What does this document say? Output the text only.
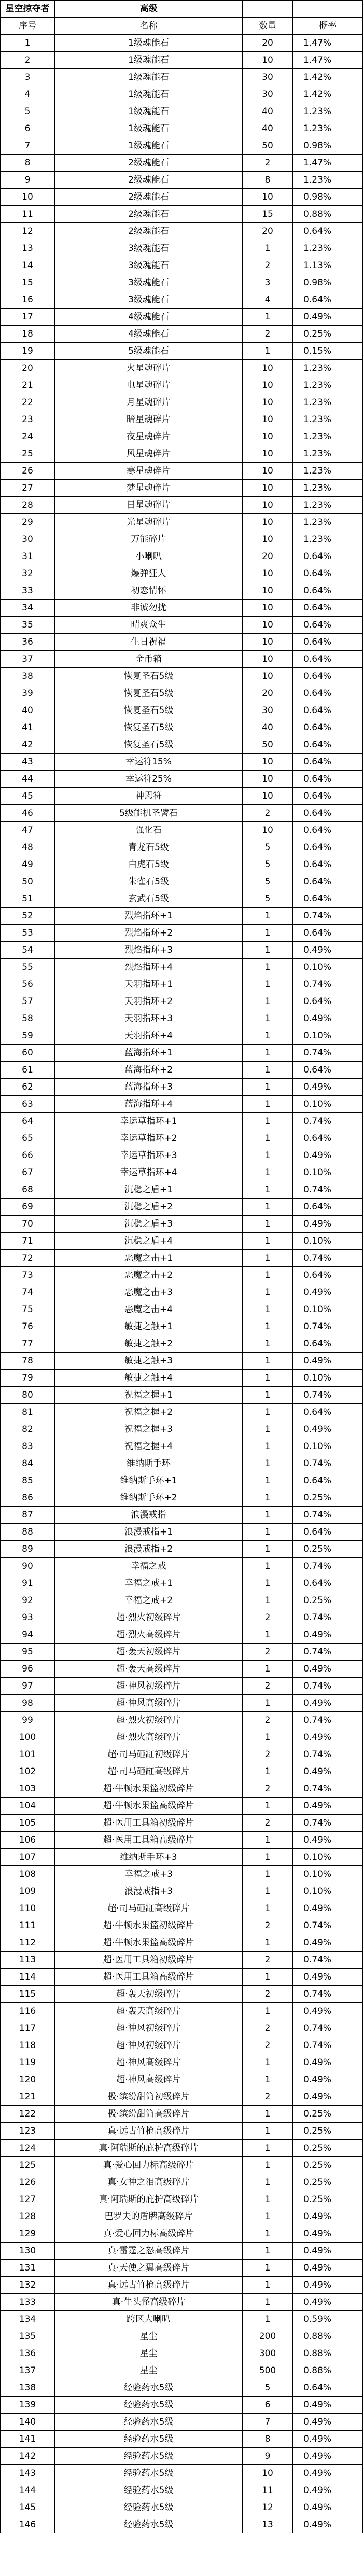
星空掠夺者	高级		
序号	名称	数量	概率
1	1级魂能石	20	1.47%
2	1级魂能石	10	1.47%
3	1级魂能石	30	1.42%
4	1级魂能石	30	1.42%
5	1级魂能石	40	1.23%
6	1级魂能石	40	1.23%
7	1级魂能石	50	0.98%
8	2级魂能石	2	1.47%
9	2级魂能石	8	1.23%
10	2级魂能石	10	0.98%
11	2级魂能石	15	0.88%
12	2级魂能石	20	0.64%
13	3级魂能石	1	1.23%
14	3级魂能石	2	1.13%
15	3级魂能石	3	0.98%
16	3级魂能石	4	0.64%
17	4级魂能石	1	0.49%
18	4级魂能石	2	0.25%
19	5级魂能石	1	0.15%
20	火星魂碎片	10	1.23%
21	电星魂碎片	10	1.23%
22	月星魂碎片	10	1.23%
23	暗星魂碎片	10	1.23%
24	夜星魂碎片	10	1.23%
25	风星魂碎片	10	1.23%
26	寒星魂碎片	10	1.23%
27	梦星魂碎片	10	1.23%
28	日星魂碎片	10	1.23%
29	光星魂碎片	10	1.23%
30	万能碎片	10	1.23%
31	小喇叭	20	0.64%
32	爆弹狂人	10	0.64%
33	初恋情怀	10	0.64%
34	非诚勿扰	10	0.64%
35	晴爽众生	10	0.64%
36	生日祝福	10	0.64%
37	金币箱	10	0.64%
38	恢复圣石5级	10	0.64%
39	恢复圣石5级	20	0.64%
40	恢复圣石5级	30	0.64%
41	恢复圣石5级	40	0.64%
42	恢复圣石5级	50	0.64%
43	幸运符15%	10	0.64%
44	幸运符25%	10	0.64%
45	神恩符	10	0.64%
46	5级能机圣譬石	2	0.64%
47	强化石	10	0.64%
48	青龙石5级	5	0.64%
49	白虎石5级	5	0.64%
50	朱雀石5级	5	0.64%
51	玄武石5级	5	0.64%
52	烈焰指环+1	1	0.74%
53	烈焰指环+2	1	0.64%
54	烈焰指环+3	1	0.49%
55	烈焰指环+4	1	0.10%
56	天羽指环+1	1	0.74%
57	天羽指环+2	1	0.64%
58	天羽指环+3	1	0.49%
59	天羽指环+4	1	0.10%
60	蓝海指环+1	1	0.74%
61	蓝海指环+2	1	0.64%
62	蓝海指环+3	1	0.49%
63	蓝海指环+4	1	0.10%
64	幸运草指环+1	1	0.74%
65	幸运草指环+2	1	0.64%
66	幸运草指环+3	1	0.49%
67	幸运草指环+4	1	0.10%
68	沉稳之盾+1	1	0.74%
69	沉稳之盾+2	1	0.64%
70	沉稳之盾+3	1	0.49%
71	沉稳之盾+4	1	0.10%
72	恶魔之击+1	1	0.74%
73	恶魔之击+2	1	0.64%
74	恶魔之击+3	1	0.49%
75	恶魔之击+4	1	0.10%
76	敏捷之触+1	1	0.74%
77	敏捷之触+2	1	0.64%
78	敏捷之触+3	1	0.49%
79	敏捷之触+4	1	0.10%
80	祝福之握+1	1	0.74%
81	祝福之握+2	1	0.64%
82	祝福之握+3	1	0.49%
83	祝福之握+4	1	0.10%
84	维纳斯手环	1	0.74%
85	维纳斯手环+1	1	0.64%
86	维纳斯手环+2	1	0.25%
87	浪漫戒指	1	0.74%
88	浪漫戒指+1	1	0.64%
89	浪漫戒指+2	1	0.25%
90	幸福之戒	1	0.74%
91	幸福之戒+1	1	0.64%
92	幸福之戒+2	1	0.25%
93	超·烈火初级碎片	2	0.74%
94	超·烈火高级碎片	1	0.49%
95	超·轰天初级碎片	2	0.74%
96	超·轰天高级碎片	1	0.49%
97	超·神风初级碎片	2	0.74%
98	超·神风高级碎片	1	0.49%
99	超·烈火初级碎片	2	0.74%
100	超·烈火高级碎片	1	0.49%
101	超·司马砸缸初级碎片	2	0.74%
102	超·司马砸缸高级碎片	1	0.49%
103	超·牛顿水果篮初级碎片	2	0.74%
104	超·牛顿水果篮高级碎片	1	0.49%
105	超·医用工具箱初级碎片	2	0.74%
106	超·医用工具箱高级碎片	1	0.49%
107	维纳斯手环+3	1	0.10%
108	幸福之戒+3	1	0.10%
109	浪漫戒指+3	1	0.10%
110	超·司马砸缸高级碎片	1	0.49%
111	超·牛顿水果篮初级碎片	2	0.74%
112	超·牛顿水果篮高级碎片	1	0.49%
113	超·医用工具箱初级碎片	2	0.74%
114	超·医用工具箱高级碎片	1	0.49%
115	超·轰天初级碎片	2	0.74%
116	超·轰天高级碎片	1	0.49%
117	超·神风初级碎片	2	0.74%
118	超·神风初级碎片	2	0.74%
119	超·神风高级碎片	1	0.49%
120	超·神风高级碎片	1	0.49%
121	极·缤纷甜筒初级碎片	2	0.49%
122	极·缤纷甜筒高级碎片	1	0.25%
123	真·远古竹枪高级碎片	1	0.25%
124	真·阿瑞斯的庇护高级碎片	1	0.25%
125	真·爱心回力标高级碎片	1	0.25%
126	真·女神之泪高级碎片	1	0.25%
127	真·阿瑞斯的庇护高级碎片	1	0.25%
128	巴罗夫的盾牌高级碎片	1	0.49%
129	真·爱心回力标高级碎片	1	0.49%
130	真·雷霆之怒高级碎片	1	0.49%
131	真·天使之翼高级碎片	1	0.49%
132	真·远古竹枪高级碎片	1	0.49%
133	真·牛头怪高级碎片	1	0.49%
134	跨区大喇叭	1	0.59%
135	星尘	200	0.88%
136	星尘	300	0.88%
137	星尘	500	0.88%
138	经验药水5级	5	0.64%
139	经验药水5级	6	0.49%
140	经验药水5级	7	0.49%
141	经验药水5级	8	0.49%
142	经验药水5级	9	0.49%
143	经验药水5级	10	0.49%
144	经验药水5级	11	0.49%
145	经验药水5级	12	0.49%
146	经验药水5级	13	0.49%
